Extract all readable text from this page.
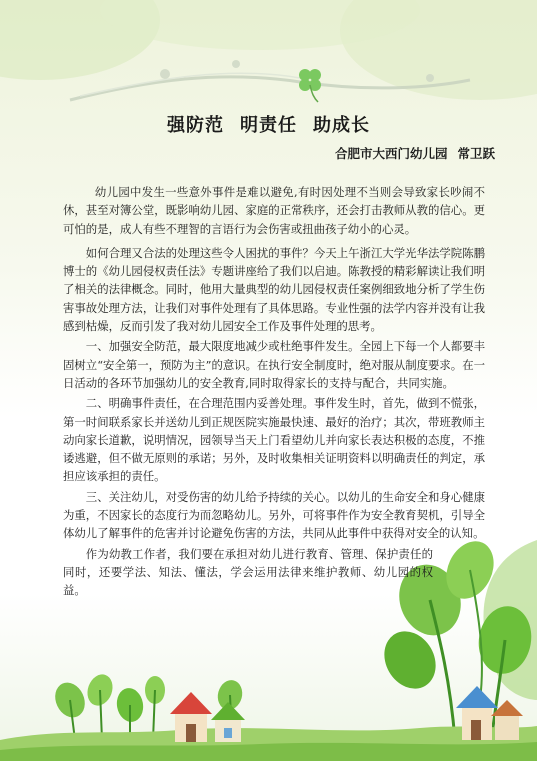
强防范 明责任 助成长
合肥市大西门幼儿园 常卫跃

幼儿园中发生一些意外事件是难以避免,有时因处理不当则会导致家长吵闹不休，甚至对簿公堂，既影响幼儿园、家庭的正常秩序，还会打击教师从教的信心。更可怕的是，成人有些不理智的言语行为会伤害或扭曲孩子幼小的心灵。

如何合理又合法的处理这些令人困扰的事件？今天上午浙江大学光华法学院陈鹏博士的《幼儿园侵权责任法》专题讲座给了我们以启迪。陈教授的精彩解读让我们明了相关的法律概念。同时，他用大量典型的幼儿园侵权责任案例细致地分析了学生伤害事故处理方法，让我们对事件处理有了具体思路。专业性强的法学内容并没有让我感到枯燥，反而引发了我对幼儿园安全工作及事件处理的思考。

一、加强安全防范，最大限度地减少或杜绝事件发生。全园上下每一个人都要丰固树立“安全第一，预防为主”的意识。在执行安全制度时，绝对服从制度要求。在一日活动的各环节加强幼儿的安全教育,同时取得家长的支持与配合，共同实施。

二、明确事件责任，在合理范围内妥善处理。事件发生时，首先，做到不慌张，第一时间联系家长并送幼儿到正规医院实施最快速、最好的治疗；其次，带班教师主动向家长道歉，说明情况，园领导当天上门看望幼儿并向家长表达积极的态度，不推诿逃避，但不做无原则的承诺；另外，及时收集相关证明资料以明确责任的判定，承担应该承担的责任。

三、关注幼儿，对受伤害的幼儿给予持续的关心。以幼儿的生命安全和身心健康为重，不因家长的态度行为而忽略幼儿。另外，可将事件作为安全教育契机，引导全体幼儿了解事件的危害并讨论避免伤害的方法，共同从此事件中获得对安全的认知。

作为幼教工作者，我们要在承担对幼儿进行教育、管理、保护责任的同时，还要学法、知法、懂法，学会运用法律来维护教师、幼儿园的权益。
